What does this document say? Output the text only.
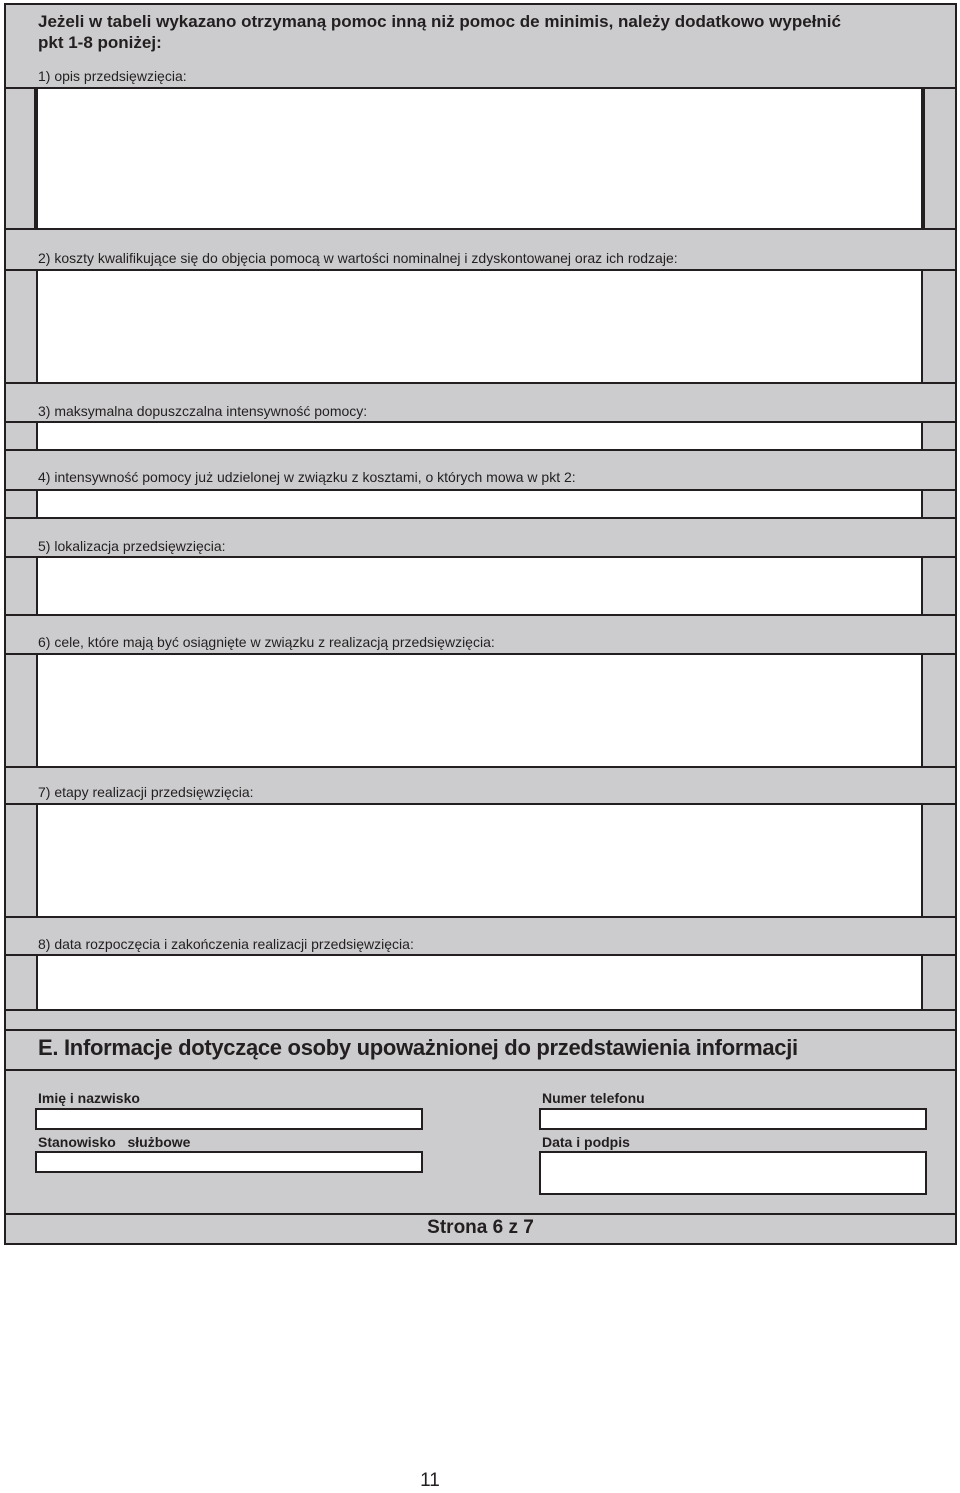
Jeżeli w tabeli wykazano otrzymaną pomoc inną niż pomoc de minimis, należy dodatkowo wypełnić
pkt 1-8 poniżej:
1) opis przedsięwzięcia:
2) koszty kwalifikujące się do objęcia pomocą w wartości nominalnej i zdyskontowanej oraz ich rodzaje:
3) maksymalna dopuszczalna intensywność pomocy:
4) intensywność pomocy już udzielonej w związku z kosztami, o których mowa w pkt 2:
5) lokalizacja przedsięwzięcia:
6) cele, które mają być osiągnięte w związku z realizacją przedsięwzięcia:
7) etapy realizacji przedsięwzięcia:
8) data rozpoczęcia i zakończenia realizacji przedsięwzięcia:
E. Informacje dotyczące osoby upoważnionej do przedstawienia informacji
Imię i nazwisko	Numer telefonu
Stanowisko   służbowe	Data i podpis
Strona 6 z 7
11
